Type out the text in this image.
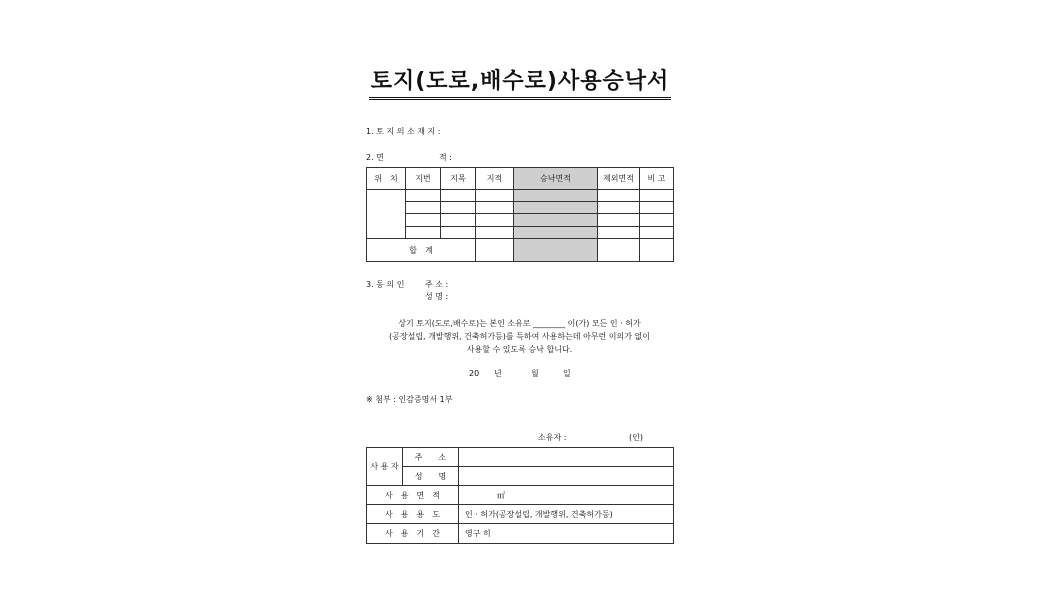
토지(도로,배수로)사용승낙서
1. 토 지 의 소 재 지 :
2. 면	적 :
위　치	지번	지목	지적	승낙면적	제외면적	비 고

합　계						
3. 동 의 인	주 소 :
성 명 :
상기 토지(도로,배수로)는 본인 소유로 ________ 이(가) 모든 인 · 허가
(공장설립, 개발행위, 건축허가등)를 득하여 사용하는데 아무런 이의가 없이
사용할 수 있도록 승낙 합니다.
20 년	월	일
※ 첨부 : 인감증명서 1부
소유자 :	(인)
사 용 자	주　　소	
	성　　명	
사　용　면　적		㎡
사　용　용　도		인 · 허가(공장설립, 개발행위, 건축허가등)
사　용　기　간		영구 히
